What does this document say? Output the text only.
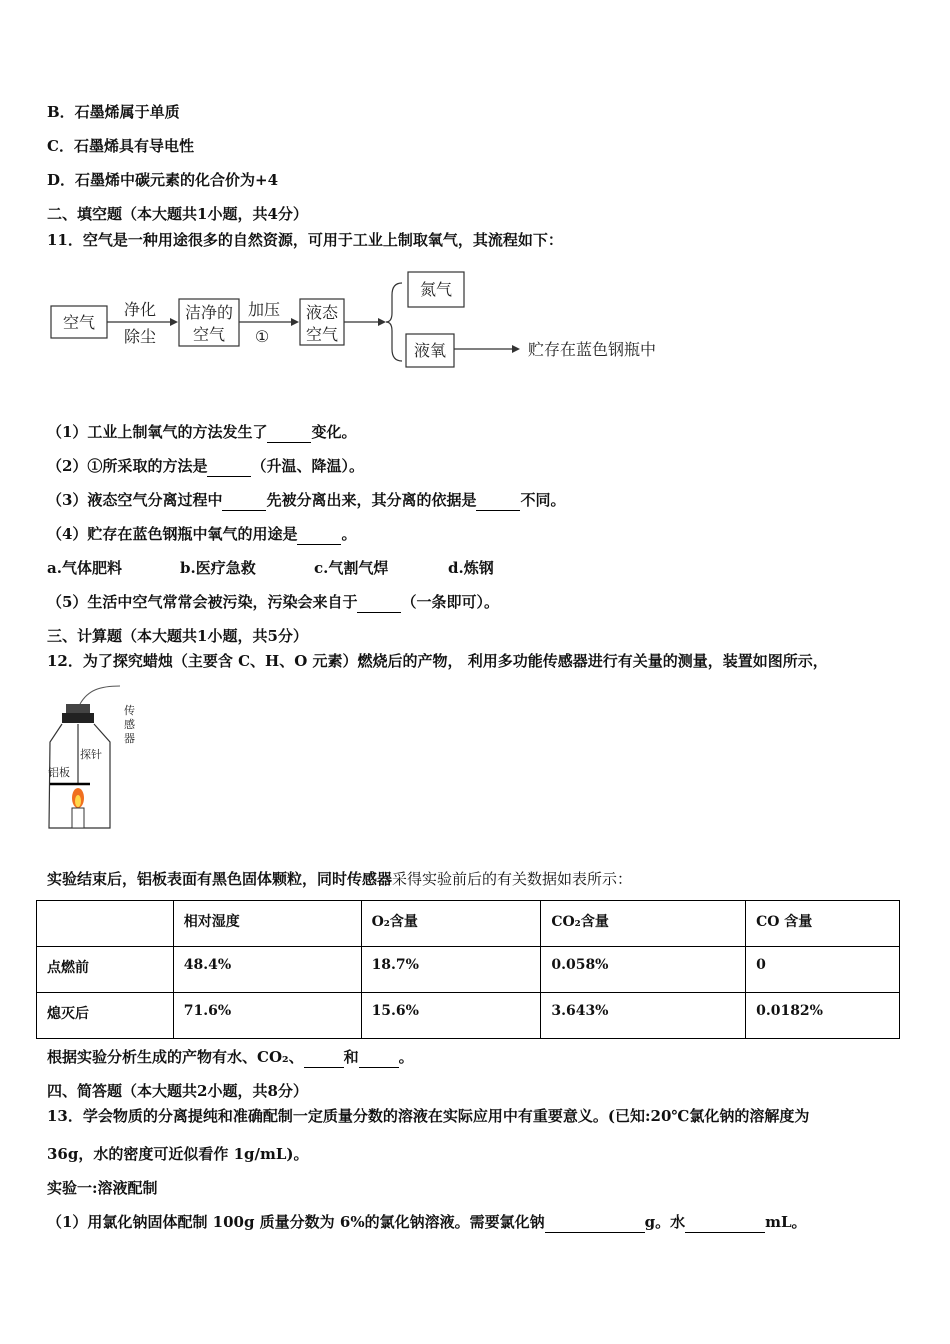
B．石墨烯属于单质
C．石墨烯具有导电性
D．石墨烯中碳元素的化合价为+4
二、填空题（本大题共1小题，共4分）
11．空气是一种用途很多的自然资源，可用于工业上制取氧气，其流程如下：
空气
净化
除尘
洁净的
空气
加压
①
液态
空气
氮气
液氧	贮存在蓝色钢瓶中
（1）工业上制氧气的方法发生了	变化。
（2）①所采取的方法是	（升温、降温）。
（3）液态空气分离过程中	先被分离出来，其分离的依据是	不同。
（4）贮存在蓝色钢瓶中氧气的用途是	。
a.气体肥料	b.医疗急救	c.气割气焊	d.炼钢
（5）生活中空气常常会被污染，污染会来自于	（一条即可）。
三、计算题（本大题共1小题，共5分）
12．为了探究蜡烛（主要含 C、H、O 元素）燃烧后的产物， 利用多功能传感器进行有关量的测量，装置如图所示，
传
感
器
探针
铝板
实验结束后，铝板表面有黑色固体颗粒，同时传感器采得实验前后的有关数据如表所示：
	相对湿度	O₂含量	CO₂含量	CO 含量
点燃前	48.4%	18.7%	0.058%	0
熄灭后	71.6%	15.6%	3.643%	0.0182%
根据实验分析生成的产物有水、CO₂、	和	。
四、简答题（本大题共2小题，共8分）
13．学会物质的分离提纯和准确配制一定质量分数的溶液在实际应用中有重要意义。(已知:20℃氯化钠的溶解度为
36g，水的密度可近似看作 1g/mL)。
实验一:溶液配制
（1）用氯化钠固体配制 100g 质量分数为 6%的氯化钠溶液。需要氯化钠	g。水	mL。
